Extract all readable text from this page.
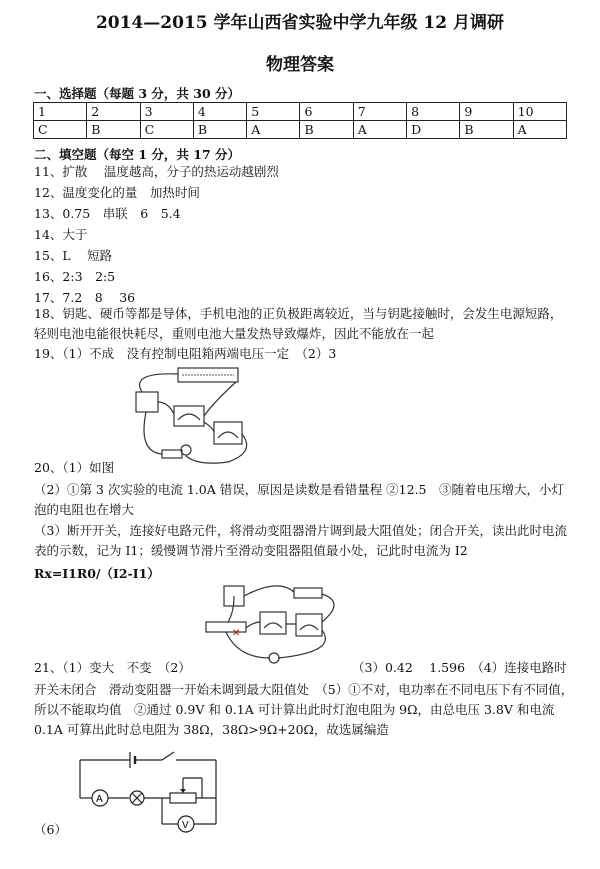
2014—2015 学年山西省实验中学九年级 12 月调研
物理答案
一、选择题（每题 3 分，共 30 分）
1	2	3	4	5	6	7	8	9	10
C	B	C	B	A	B	A	D	B	A
二、填空题（每空 1 分，共 17 分）
11、扩散　 温度越高，分子的热运动越剧烈
12、温度变化的量　加热时间
13、0.75　串联　6　5.4
14、大于
15、L　 短路
16、2:3　2:5
17、7.2　8　 36
18、钥匙、硬币等都是导体，手机电池的正负极距离较近，当与钥匙接触时，会发生电源短路，轻则电池电能很快耗尽，重则电池大量发热导致爆炸，因此不能放在一起
19、（1）不成　没有控制电阻箱两端电压一定　（2）3
20、（1）如图
（2）①第 3 次实验的电流 1.0A 错误，原因是读数是看错量程 ②12.5　③随着电压增大，小灯泡的电阻也在增大
（3）断开开关，连接好电路元件，将滑动变阻器滑片调到最大阻值处；闭合开关，读出此时电流表的示数，记为 I1；缓慢调节滑片至滑动变阻器阻值最小处，记此时电流为 I2
Rx=I1R0/（I2-I1）
✕
21、（1）变大　不变　（2）	（3）0.42　 1.596　（4）连接电路时
开关未闭合　滑动变阻器一开始未调到最大阻值处　（5）①不对，电功率在不同电压下有不同值，所以不能取均值　②通过 0.9V 和 0.1A 可计算出此时灯泡电阻为 9Ω，由总电压 3.8V 和电流 0.1A 可算出此时总电阻为 38Ω，38Ω>9Ω+20Ω，故选属编造
A
V
（6）
